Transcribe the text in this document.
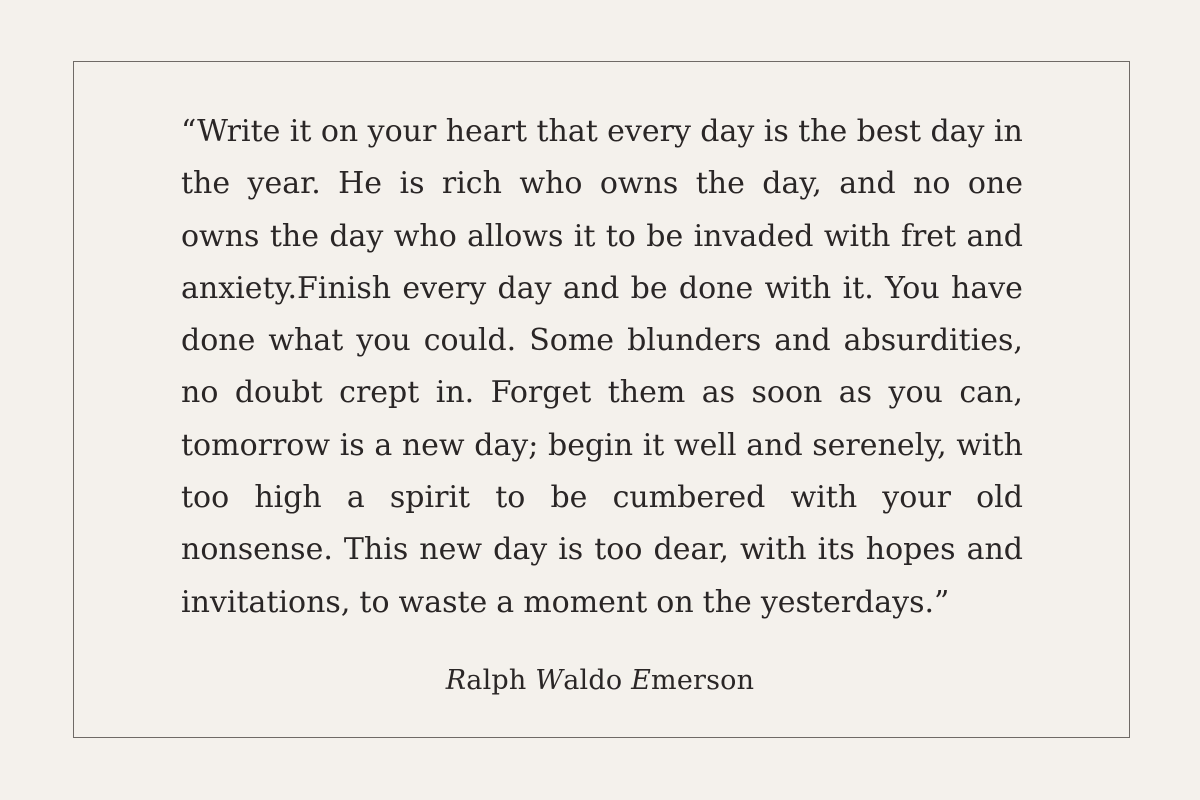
“Write it on your heart that every day is the best day in
the year. He is rich who owns the day, and no one
owns the day who allows it to be invaded with fret and
anxiety.Finish every day and be done with it. You have
done what you could. Some blunders and absurdities,
no doubt crept in. Forget them as soon as you can,
tomorrow is a new day; begin it well and serenely, with
too high a spirit to be cumbered with your old
nonsense. This new day is too dear, with its hopes and
invitations, to waste a moment on the yesterdays.”
Ralph Waldo Emerson
